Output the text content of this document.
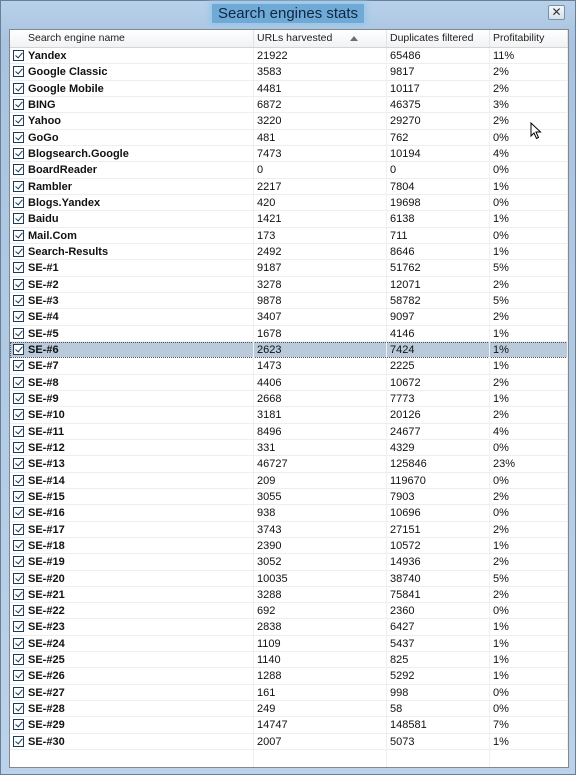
Search engines stats	✕
Search engine name	URLs harvested	Duplicates filtered	Profitability
Yandex	21922	65486	11%
Google Classic	3583	9817	2%
Google Mobile	4481	10117	2%
BING	6872	46375	3%
Yahoo	3220	29270	2%
GoGo	481	762	0%
Blogsearch.Google	7473	10194	4%
BoardReader	0	0	0%
Rambler	2217	7804	1%
Blogs.Yandex	420	19698	0%
Baidu	1421	6138	1%
Mail.Com	173	711	0%
Search-Results	2492	8646	1%
SE-#1	9187	51762	5%
SE-#2	3278	12071	2%
SE-#3	9878	58782	5%
SE-#4	3407	9097	2%
SE-#5	1678	4146	1%
SE-#6	2623	7424	1%
SE-#7	1473	2225	1%
SE-#8	4406	10672	2%
SE-#9	2668	7773	1%
SE-#10	3181	20126	2%
SE-#11	8496	24677	4%
SE-#12	331	4329	0%
SE-#13	46727	125846	23%
SE-#14	209	119670	0%
SE-#15	3055	7903	2%
SE-#16	938	10696	0%
SE-#17	3743	27151	2%
SE-#18	2390	10572	1%
SE-#19	3052	14936	2%
SE-#20	10035	38740	5%
SE-#21	3288	75841	2%
SE-#22	692	2360	0%
SE-#23	2838	6427	1%
SE-#24	1109	5437	1%
SE-#25	1140	825	1%
SE-#26	1288	5292	1%
SE-#27	161	998	0%
SE-#28	249	58	0%
SE-#29	14747	148581	7%
SE-#30	2007	5073	1%
